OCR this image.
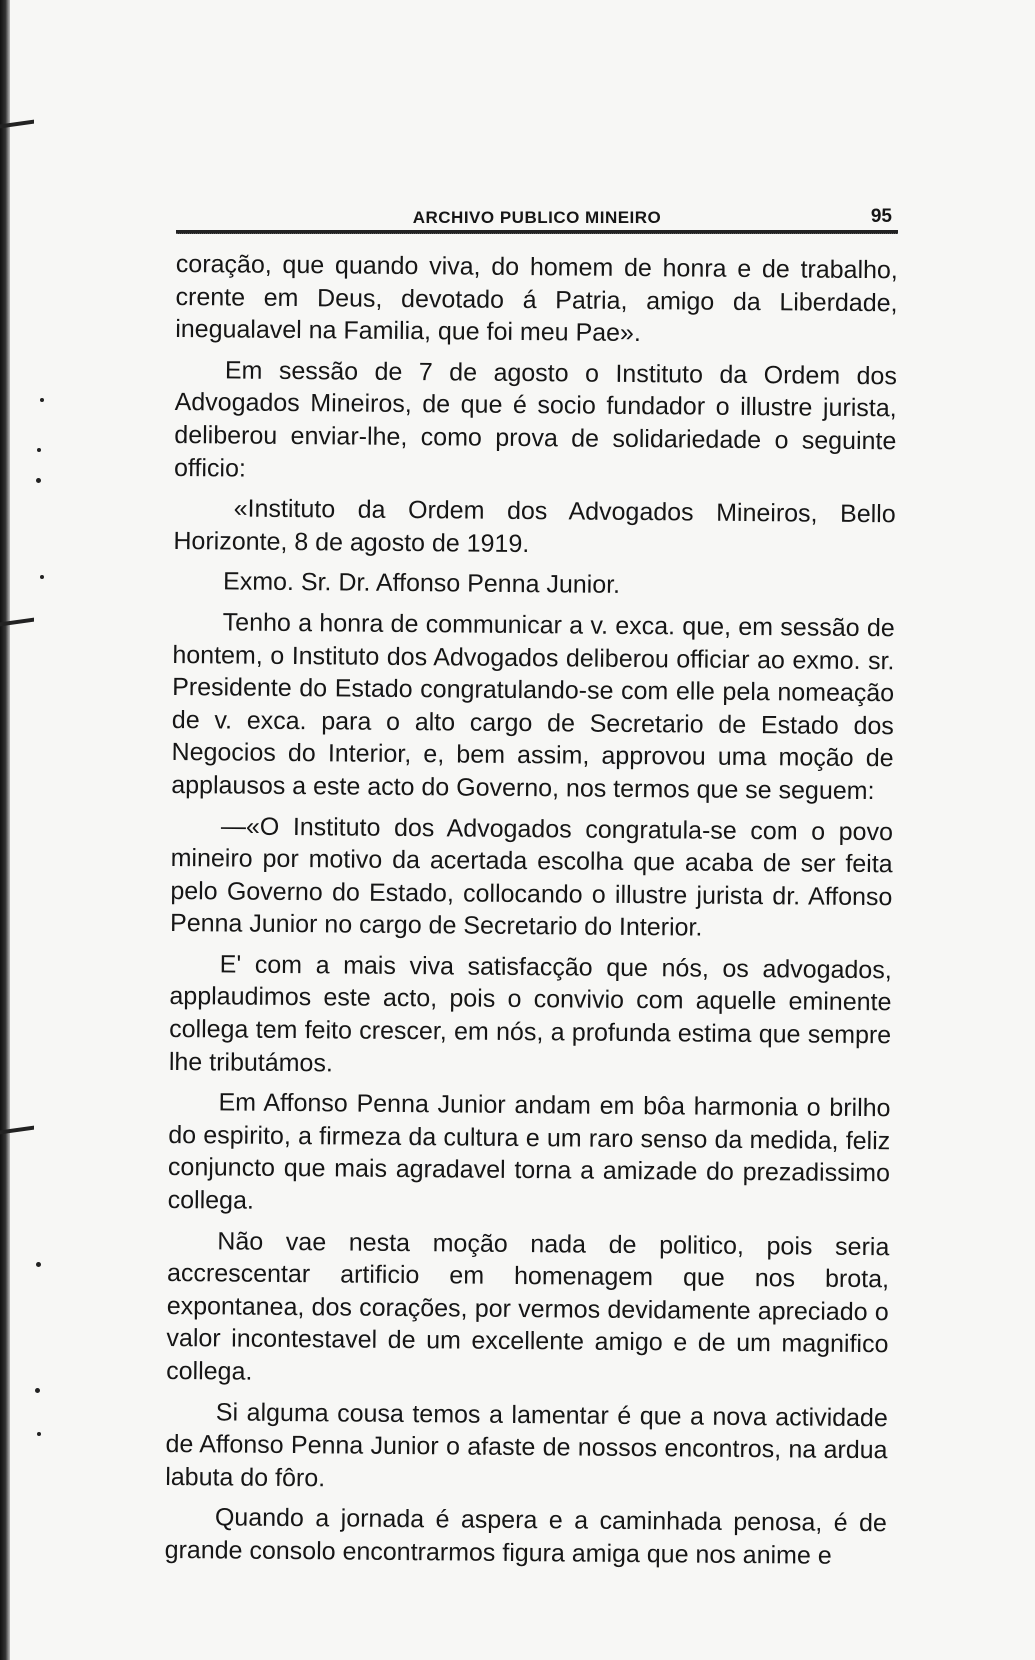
ARCHIVO PUBLICO MINEIRO	95

coração, que quando viva, do homem de honra e de trabalho, crente em Deus, devotado á Patria, amigo da Liberdade, inegualavel na Familia, que foi meu Pae».

Em sessão de 7 de agosto o Instituto da Ordem dos Advogados Mineiros, de que é socio fundador o illustre jurista, deliberou enviar-lhe, como prova de solidariedade o seguinte officio:

«Instituto da Ordem dos Advogados Mineiros, Bello Horizonte, 8 de agosto de 1919.

Exmo. Sr. Dr. Affonso Penna Junior.

Tenho a honra de communicar a v. exca. que, em sessão de hontem, o Instituto dos Advogados deliberou officiar ao exmo. sr. Presidente do Estado congratulando-se com elle pela nomeação de v. exca. para o alto cargo de Secretario de Estado dos Negocios do Interior, e, bem assim, approvou uma moção de applausos a este acto do Governo, nos termos que se seguem:

—«O Instituto dos Advogados congratula-se com o povo mineiro por motivo da acertada escolha que acaba de ser feita pelo Governo do Estado, collocando o illustre jurista dr. Affonso Penna Junior no cargo de Secretario do Interior.

E' com a mais viva satisfacção que nós, os advogados, applaudimos este acto, pois o convivio com aquelle eminente collega tem feito crescer, em nós, a profunda estima que sempre lhe tributámos.

Em Affonso Penna Junior andam em bôa harmonia o brilho do espirito, a firmeza da cultura e um raro senso da medida, feliz conjuncto que mais agradavel torna a amizade do prezadissimo collega.

Não vae nesta moção nada de politico, pois seria accrescentar artificio em homenagem que nos brota, expontanea, dos corações, por vermos devidamente apreciado o valor incontestavel de um excellente amigo e de um magnifico collega.

Si alguma cousa temos a lamentar é que a nova actividade de Affonso Penna Junior o afaste de nossos encontros, na ardua labuta do fôro.

Quando a jornada é aspera e a caminhada penosa, é de grande consolo encontrarmos figura amiga que nos anime e
